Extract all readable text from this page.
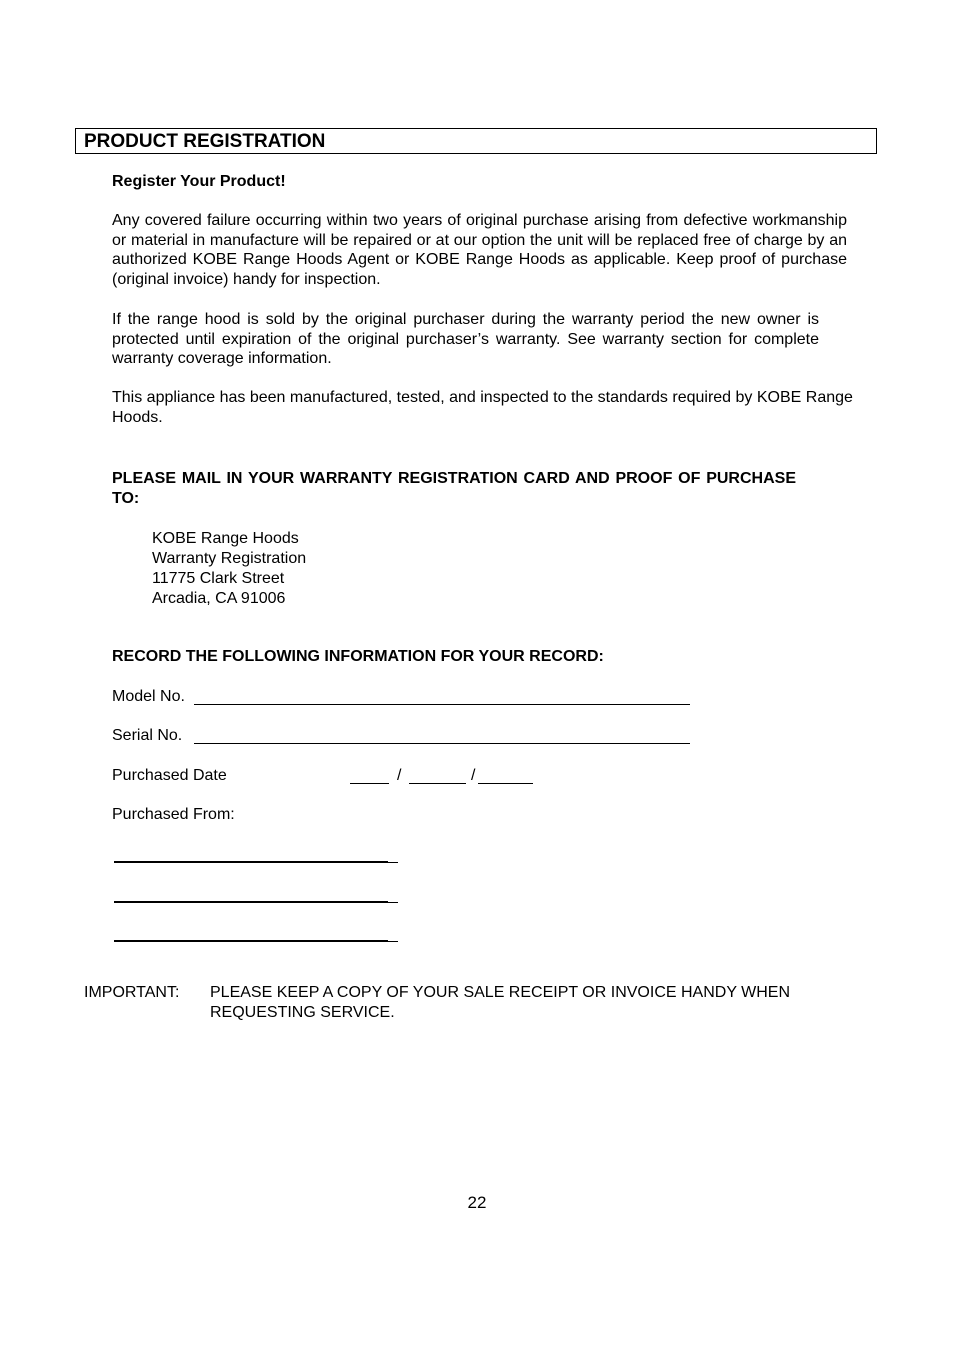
PRODUCT REGISTRATION
Register Your Product!
Any covered failure occurring within two years of original purchase arising from defective workmanship or material in manufacture will be repaired or at our option the unit will be replaced free of charge by an authorized KOBE Range Hoods Agent or KOBE Range Hoods as applicable. Keep proof of purchase (original invoice) handy for inspection.
If the range hood is sold by the original purchaser during the warranty period the new owner is protected until expiration of the original purchaser’s warranty. See warranty section for complete warranty coverage information.
This appliance has been manufactured, tested, and inspected to the standards required by KOBE Range Hoods.
PLEASE MAIL IN YOUR WARRANTY REGISTRATION CARD AND PROOF OF PURCHASE TO:
KOBE Range Hoods
Warranty Registration
11775 Clark Street
Arcadia, CA 91006
RECORD THE FOLLOWING INFORMATION FOR YOUR RECORD:
Model No.
Serial No.
Purchased Date	/	/
Purchased From:
IMPORTANT: PLEASE KEEP A COPY OF YOUR SALE RECEIPT OR INVOICE HANDY WHEN REQUESTING SERVICE.
22
